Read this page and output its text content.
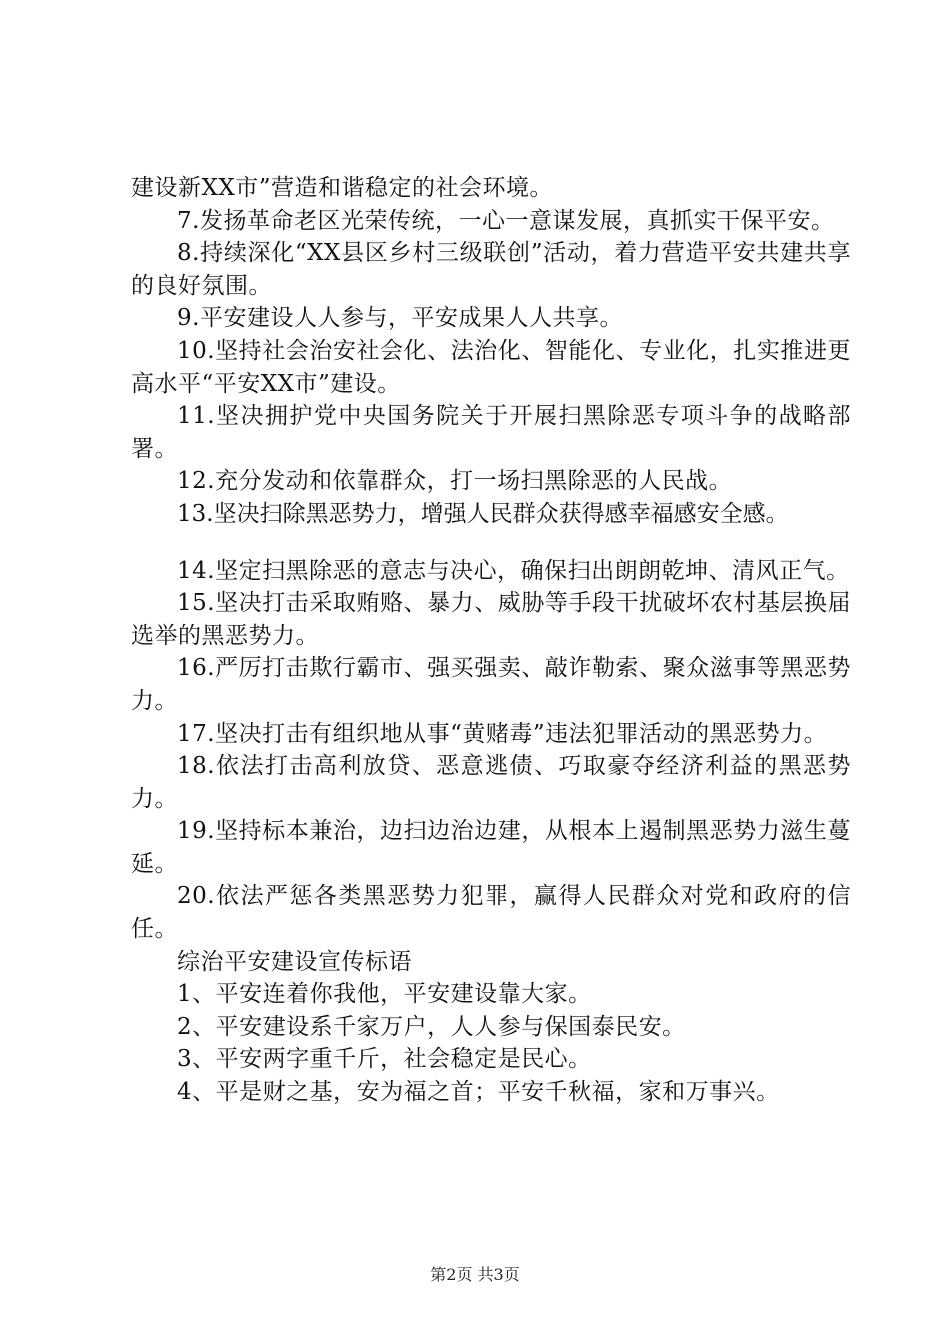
建设新XX市”营造和谐稳定的社会环境。

7.发扬革命老区光荣传统，一心一意谋发展，真抓实干保平安。

8.持续深化“XX县区乡村三级联创”活动，着力营造平安共建共享的良好氛围。

9.平安建设人人参与，平安成果人人共享。

10.坚持社会治安社会化、法治化、智能化、专业化，扎实推进更高水平“平安XX市”建设。

11.坚决拥护党中央国务院关于开展扫黑除恶专项斗争的战略部署。

12.充分发动和依靠群众，打一场扫黑除恶的人民战。

13.坚决扫除黑恶势力，增强人民群众获得感幸福感安全感。

14.坚定扫黑除恶的意志与决心，确保扫出朗朗乾坤、清风正气。

15.坚决打击采取贿赂、暴力、威胁等手段干扰破坏农村基层换届选举的黑恶势力。

16.严厉打击欺行霸市、强买强卖、敲诈勒索、聚众滋事等黑恶势力。

17.坚决打击有组织地从事“黄赌毒”违法犯罪活动的黑恶势力。

18.依法打击高利放贷、恶意逃债、巧取豪夺经济利益的黑恶势力。

19.坚持标本兼治，边扫边治边建，从根本上遏制黑恶势力滋生蔓延。

20.依法严惩各类黑恶势力犯罪，赢得人民群众对党和政府的信任。

综治平安建设宣传标语

1、平安连着你我他，平安建设靠大家。

2、平安建设系千家万户，人人参与保国泰民安。

3、平安两字重千斤，社会稳定是民心。

4、平是财之基，安为福之首；平安千秋福，家和万事兴。

第2页 共3页
